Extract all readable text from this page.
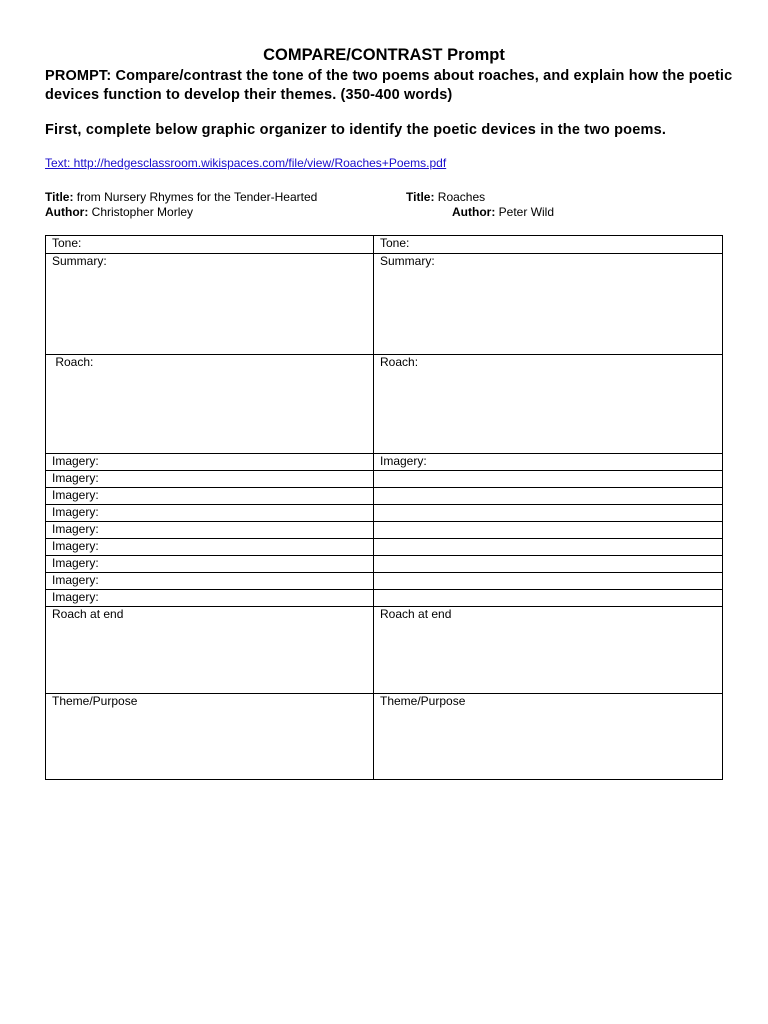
COMPARE/CONTRAST Prompt
PROMPT: Compare/contrast the tone of the two poems about roaches, and explain how the poetic devices function to develop their themes. (350-400 words)
First, complete below graphic organizer to identify the poetic devices in the two poems.
Text: http://hedgesclassroom.wikispaces.com/file/view/Roaches+Poems.pdf
Title: from Nursery Rhymes for the Tender-Hearted
Author: Christopher Morley
Title: Roaches
Author: Peter Wild
Tone:	Tone:
Summary:	Summary:
Roach:	Roach:
Imagery:	Imagery:
Imagery:	
Imagery:	
Imagery:	
Imagery:	
Imagery:	
Imagery:	
Imagery:	
Imagery:	
Roach at end	Roach at end
Theme/Purpose	Theme/Purpose
